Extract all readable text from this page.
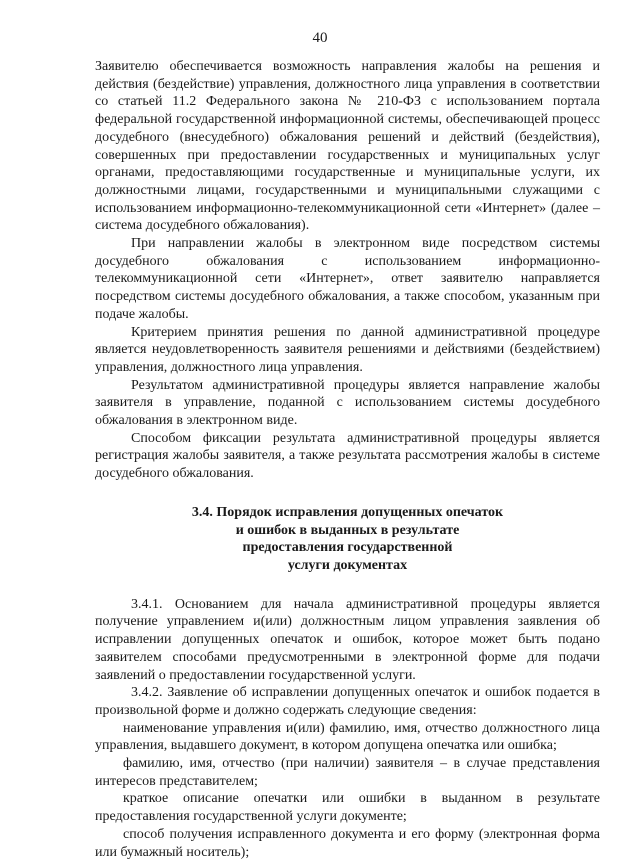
40

Заявителю обеспечивается возможность направления жалобы на решения и действия (бездействие) управления, должностного лица управления в соответствии со статьей 11.2 Федерального закона № 210-ФЗ с использованием портала федеральной государственной информационной системы, обеспечивающей процесс досудебного (внесудебного) обжалования решений и действий (бездействия), совершенных при предоставлении государственных и муниципальных услуг органами, предоставляющими государственные и муниципальные услуги, их должностными лицами, государственными и муниципальными служащими с использованием информационно-телекоммуникационной сети «Интернет» (далее – система досудебного обжалования).

При направлении жалобы в электронном виде посредством системы досудебного обжалования с использованием информационно-телекоммуникационной сети «Интернет», ответ заявителю направляется посредством системы досудебного обжалования, а также способом, указанным при подаче жалобы.

Критерием принятия решения по данной административной процедуре является неудовлетворенность заявителя решениями и действиями (бездействием) управления, должностного лица управления.

Результатом административной процедуры является направление жалобы заявителя в управление, поданной с использованием системы досудебного обжалования в электронном виде.

Способом фиксации результата административной процедуры является регистрация жалобы заявителя, а также результата рассмотрения жалобы в системе досудебного обжалования.

3.4. Порядок исправления допущенных опечаток
и ошибок в выданных в результате
предоставления государственной
услуги документах

3.4.1. Основанием для начала административной процедуры является получение управлением и(или) должностным лицом управления заявления об исправлении допущенных опечаток и ошибок, которое может быть подано заявителем способами предусмотренными в электронной форме для подачи заявлений о предоставлении государственной услуги.

3.4.2. Заявление об исправлении допущенных опечаток и ошибок подается в произвольной форме и должно содержать следующие сведения:

наименование управления и(или) фамилию, имя, отчество должностного лица управления, выдавшего документ, в котором допущена опечатка или ошибка;

фамилию, имя, отчество (при наличии) заявителя – в случае представления интересов представителем;

краткое описание опечатки или ошибки в выданном в результате предоставления государственной услуги документе;

способ получения исправленного документа и его форму (электронная форма или бумажный носитель);
